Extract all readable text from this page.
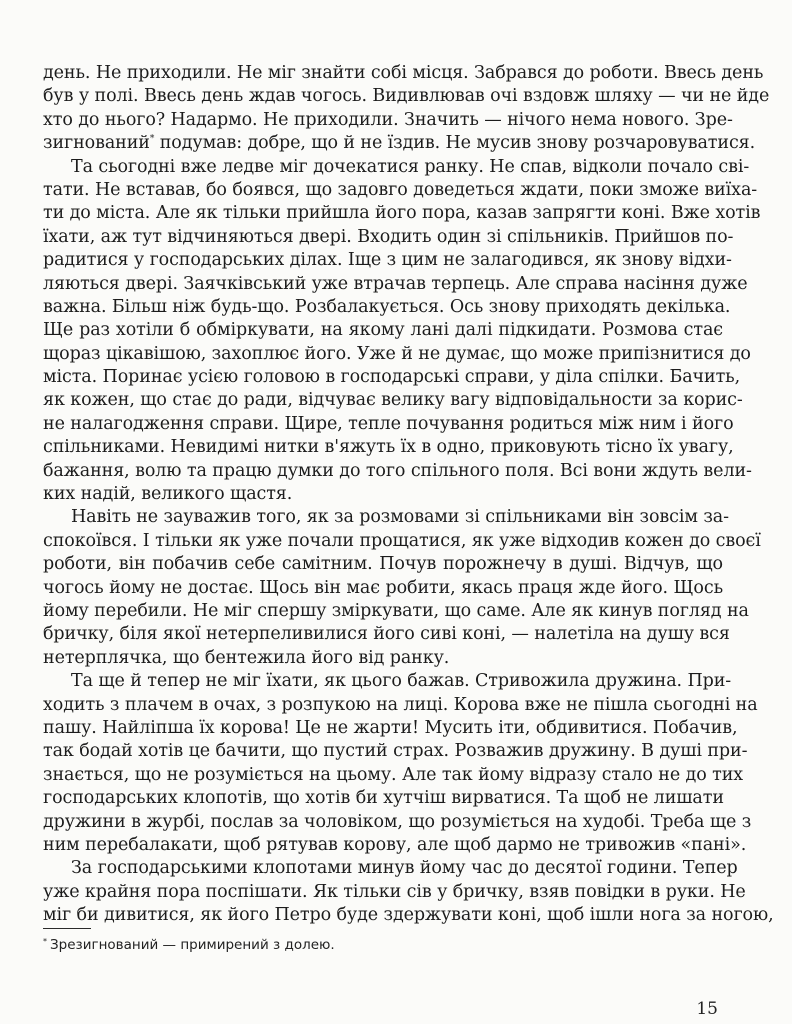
день. Не приходили. Не міг знайти собі місця. Забрався до роботи. Ввесь день
був у полі. Ввесь день ждав чогось. Видивлював очі вздовж шляху — чи не йде
хто до нього? Надармо. Не приходили. Значить — нічого нема нового. Зре-
зигнований* подумав: добре, що й не їздив. Не мусив знову розчаровуватися.
Та сьогодні вже ледве міг дочекатися ранку. Не спав, відколи почало сві-
тати. Не вставав, бо боявся, що задовго доведеться ждати, поки зможе виїха-
ти до міста. Але як тільки прийшла його пора, казав запрягти коні. Вже хотів
їхати, аж тут відчиняються двері. Входить один зі спільників. Прийшов по-
радитися у господарських ділах. Іще з цим не залагодився, як знову відхи-
ляються двері. Заячківський уже втрачав терпець. Але справа насіння дуже
важна. Більш ніж будь-що. Розбалакується. Ось знову приходять декілька.
Ще раз хотіли б обміркувати, на якому лані далі підкидати. Розмова стає
щораз цікавішою, захоплює його. Уже й не думає, що може припізнитися до
міста. Поринає усією головою в господарські справи, у діла спілки. Бачить,
як кожен, що стає до ради, відчуває велику вагу відповідальности за корис-
не налагодження справи. Щире, тепле почування родиться між ним і його
спільниками. Невидимі нитки в'яжуть їх в одно, приковують тісно їх увагу,
бажання, волю та працю думки до того спільного поля. Всі вони ждуть вели-
ких надій, великого щастя.
Навіть не зауважив того, як за розмовами зі спільниками він зовсім за-
спокоївся. І тільки як уже почали прощатися, як уже відходив кожен до своєї
роботи, він побачив себе самітним. Почув порожнечу в душі. Відчув, що
чогось йому не достає. Щось він має робити, якась праця жде його. Щось
йому перебили. Не міг спершу зміркувати, що саме. Але як кинув погляд на
бричку, біля якої нетерпеливилися його сиві коні, — налетіла на душу вся
нетерплячка, що бентежила його від ранку.
Та ще й тепер не міг їхати, як цього бажав. Стривожила дружина. При-
ходить з плачем в очах, з розпукою на лиці. Корова вже не пішла сьогодні на
пашу. Найліпша їх корова! Це не жарти! Мусить іти, обдивитися. Побачив,
так бодай хотів це бачити, що пустий страх. Розважив дружину. В душі при-
знається, що не розуміється на цьому. Але так йому відразу стало не до тих
господарських клопотів, що хотів би хутчіш вирватися. Та щоб не лишати
дружини в журбі, послав за чоловіком, що розуміється на худобі. Треба ще з
ним перебалакати, щоб рятував корову, але щоб дармо не тривожив «пані».
За господарськими клопотами минув йому час до десятої години. Тепер
уже крайня пора поспішати. Як тільки сів у бричку, взяв повідки в руки. Не
міг би дивитися, як його Петро буде здержувати коні, щоб ішли нога за ногою,
* Зрезигнований — примирений з долею.
15
